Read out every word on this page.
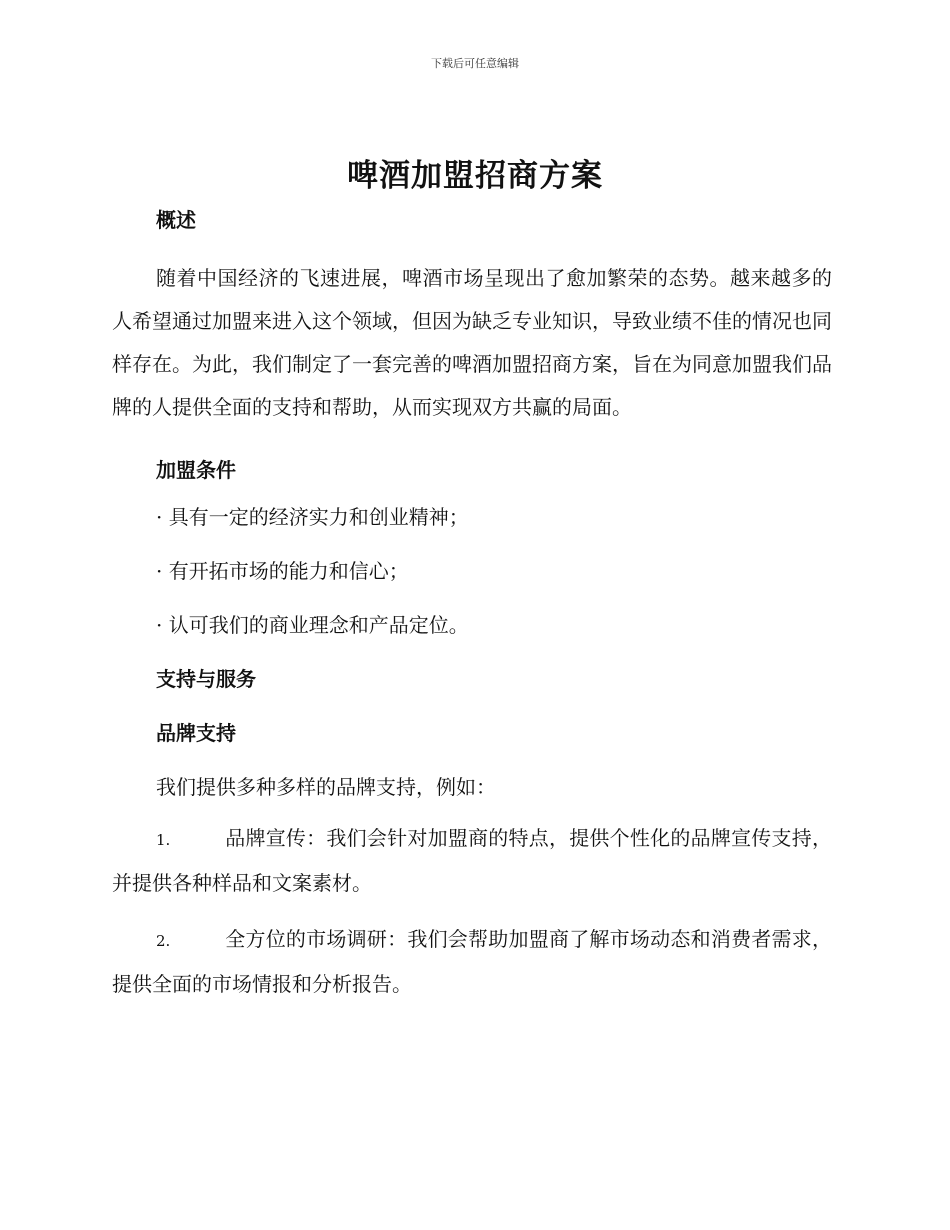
下载后可任意编辑
啤酒加盟招商方案

概述

随着中国经济的飞速进展，啤酒市场呈现出了愈加繁荣的态势。越来越多的人希望通过加盟来进入这个领域，但因为缺乏专业知识，导致业绩不佳的情况也同样存在。为此，我们制定了一套完善的啤酒加盟招商方案，旨在为同意加盟我们品牌的人提供全面的支持和帮助，从而实现双方共赢的局面。

加盟条件

· 具有一定的经济实力和创业精神；

· 有开拓市场的能力和信心；

· 认可我们的商业理念和产品定位。

支持与服务

品牌支持

我们提供多种多样的品牌支持，例如：

1.	品牌宣传：我们会针对加盟商的特点，提供个性化的品牌宣传支持，并提供各种样品和文案素材。

2.	全方位的市场调研：我们会帮助加盟商了解市场动态和消费者需求，提供全面的市场情报和分析报告。
